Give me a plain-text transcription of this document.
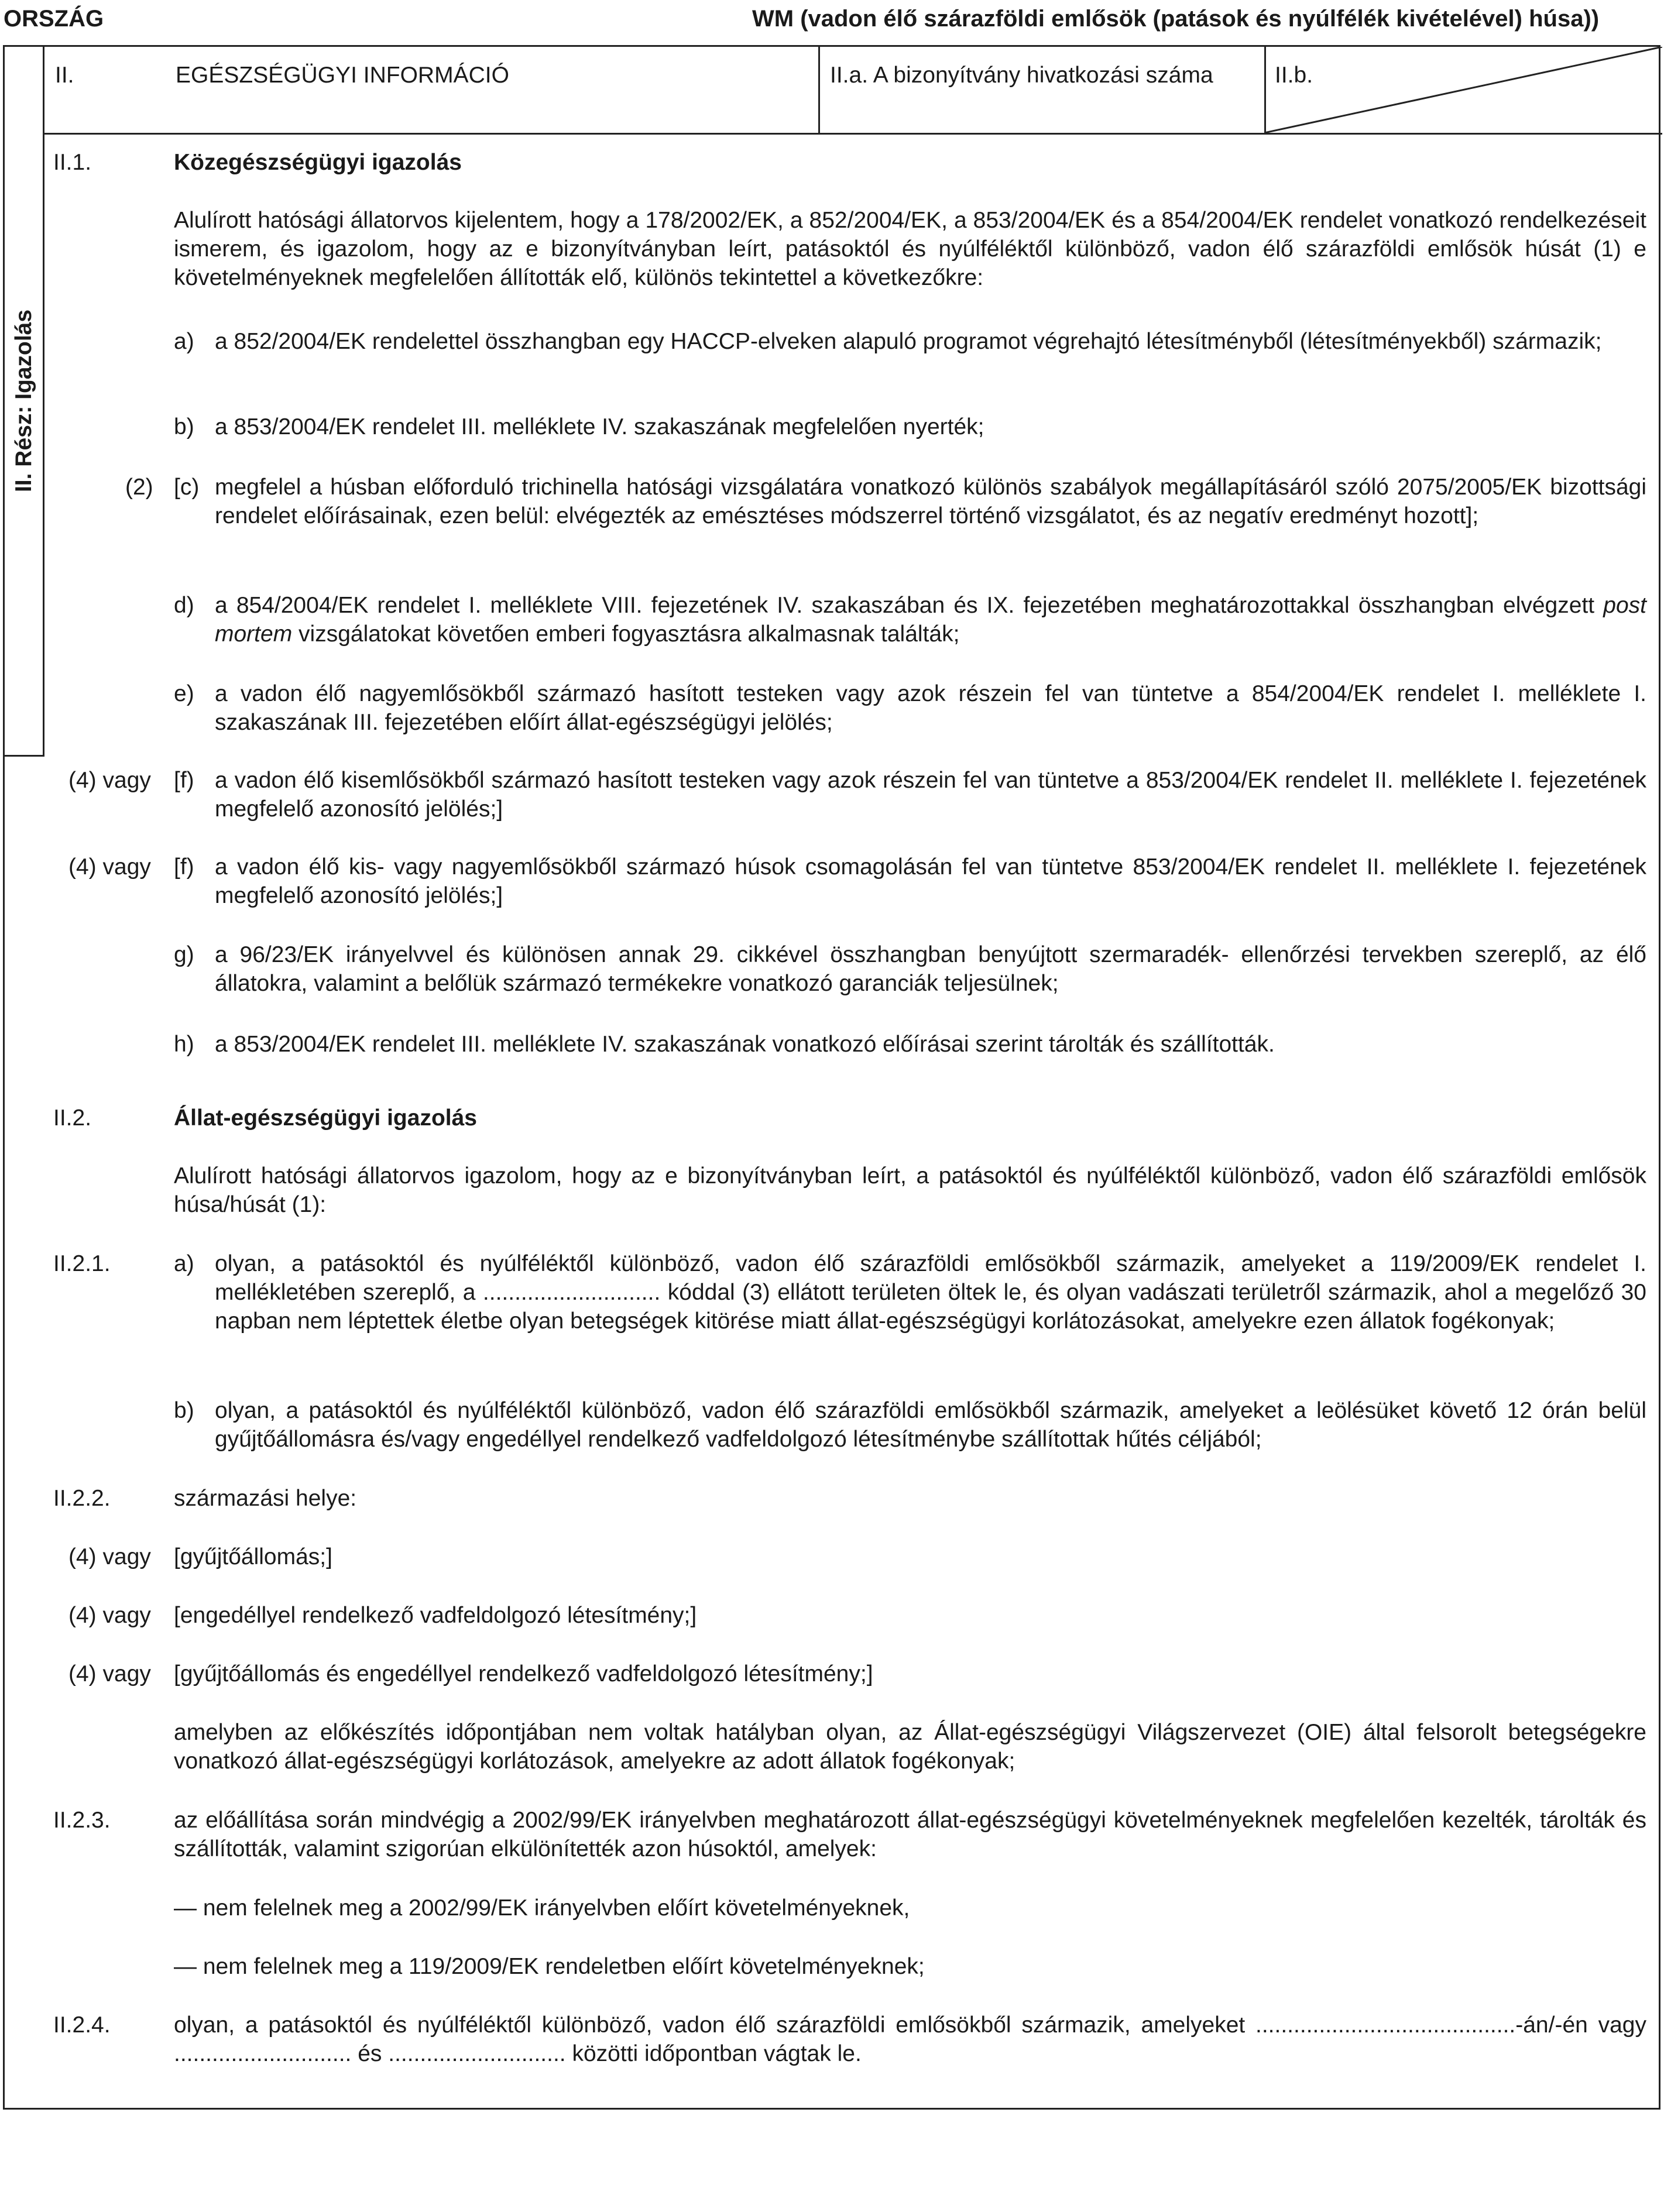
ORSZÁG	WM (vadon élő szárazföldi emlősök (patások és nyúlfélék kivételével) húsa))
II. Rész: Igazolás
II.	EGÉSZSÉGÜGYI INFORMÁCIÓ	II.a. A bizonyítvány hivatkozási száma	II.b.
II.1.	Közegészségügyi igazolás
Alulírott hatósági állatorvos kijelentem, hogy a 178/2002/EK, a 852/2004/EK, a 853/2004/EK és a 854/2004/EK rendelet vonatkozó rendelkezéseit ismerem, és igazolom, hogy az e bizonyítványban leírt, patásoktól és nyúlféléktől különböző, vadon élő szárazföldi emlősök húsát (1) e követelményeknek megfelelően állították elő, különös tekintettel a következőkre:
a) a 852/2004/EK rendelettel összhangban egy HACCP-elveken alapuló programot végrehajtó létesítményből (létesítményekből) származik;
b) a 853/2004/EK rendelet III. melléklete IV. szakaszának megfelelően nyerték;
(2) [c) megfelel a húsban előforduló trichinella hatósági vizsgálatára vonatkozó különös szabályok megállapításáról szóló 2075/2005/EK bizottsági rendelet előírásainak, ezen belül: elvégezték az emésztéses módszerrel történő vizsgálatot, és az negatív eredményt hozott];
d) a 854/2004/EK rendelet I. melléklete VIII. fejezetének IV. szakaszában és IX. fejezetében meghatározottakkal összhangban elvégzett post mortem vizsgálatokat követően emberi fogyasztásra alkalmasnak találták;
e) a vadon élő nagyemlősökből származó hasított testeken vagy azok részein fel van tüntetve a 854/2004/EK rendelet I. melléklete I. szakaszának III. fejezetében előírt állat-egészségügyi jelölés;
(4) vagy [f) a vadon élő kisemlősökből származó hasított testeken vagy azok részein fel van tüntetve a 853/2004/EK rendelet II. melléklete I. fejezetének megfelelő azonosító jelölés;]
(4) vagy [f) a vadon élő kis- vagy nagyemlősökből származó húsok csomagolásán fel van tüntetve 853/2004/EK rendelet II. melléklete I. fejezetének megfelelő azonosító jelölés;]
g) a 96/23/EK irányelvvel és különösen annak 29. cikkével összhangban benyújtott szermaradék- ellenőrzési tervekben szereplő, az élő állatokra, valamint a belőlük származó termékekre vonatkozó garanciák teljesülnek;
h) a 853/2004/EK rendelet III. melléklete IV. szakaszának vonatkozó előírásai szerint tárolták és szállították.
II.2.	Állat-egészségügyi igazolás
Alulírott hatósági állatorvos igazolom, hogy az e bizonyítványban leírt, a patásoktól és nyúlféléktől különböző, vadon élő szárazföldi emlősök húsa/húsát (1):
II.2.1.	a) olyan, a patásoktól és nyúlféléktől különböző, vadon élő szárazföldi emlősökből származik, amelyeket a 119/2009/EK rendelet I. mellékletében szereplő, a ............................ kóddal (3) ellátott területen öltek le, és olyan vadászati területről származik, ahol a megelőző 30 napban nem léptettek életbe olyan betegségek kitörése miatt állat-egészségügyi korlátozásokat, amelyekre ezen állatok fogékonyak;
b) olyan, a patásoktól és nyúlféléktől különböző, vadon élő szárazföldi emlősökből származik, amelyeket a leölésüket követő 12 órán belül gyűjtőállomásra és/vagy engedéllyel rendelkező vadfeldolgozó létesítménybe szállítottak hűtés céljából;
II.2.2.	származási helye:
(4) vagy [gyűjtőállomás;]
(4) vagy [engedéllyel rendelkező vadfeldolgozó létesítmény;]
(4) vagy [gyűjtőállomás és engedéllyel rendelkező vadfeldolgozó létesítmény;]
amelyben az előkészítés időpontjában nem voltak hatályban olyan, az Állat-egészségügyi Világszervezet (OIE) által felsorolt betegségekre vonatkozó állat-egészségügyi korlátozások, amelyekre az adott állatok fogékonyak;
II.2.3.	az előállítása során mindvégig a 2002/99/EK irányelvben meghatározott állat-egészségügyi követelményeknek megfelelően kezelték, tárolták és szállították, valamint szigorúan elkülönítették azon húsoktól, amelyek:
— nem felelnek meg a 2002/99/EK irányelvben előírt követelményeknek,
— nem felelnek meg a 119/2009/EK rendeletben előírt követelményeknek;
II.2.4.	olyan, a patásoktól és nyúlféléktől különböző, vadon élő szárazföldi emlősökből származik, amelyeket .........................................-án/-én vagy ............................ és ............................ közötti időpontban vágtak le.
